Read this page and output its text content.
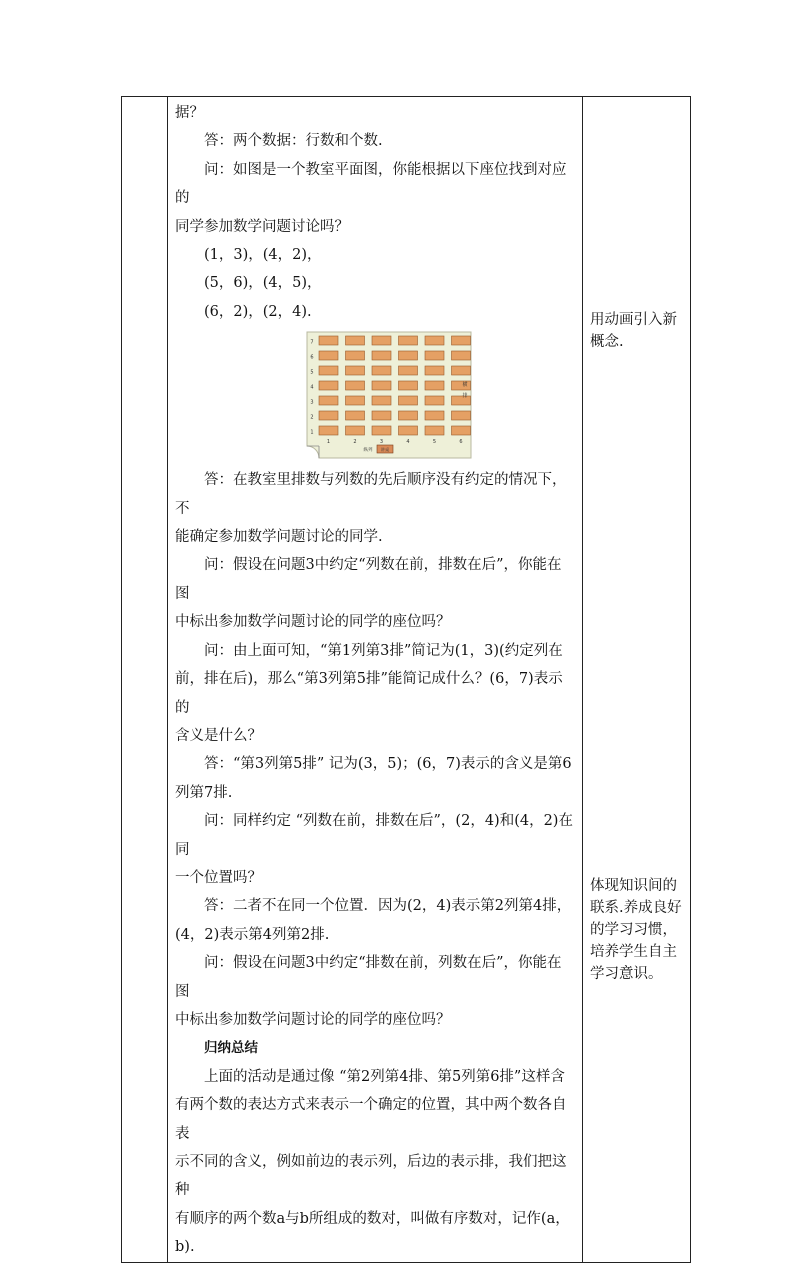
据？

答：两个数据：行数和个数.

问：如图是一个教室平面图，你能根据以下座位找到对应的

同学参加数学问题讨论吗？

(1，3)，(4，2)，

(5，6)，(4，5)，

(6，2)，(2，4).

7
6
5
4
3
2
1
1	2	3	4	5	6
横
排
纵列 讲桌

答：在教室里排数与列数的先后顺序没有约定的情况下，不

能确定参加数学问题讨论的同学.

问：假设在问题3中约定“列数在前，排数在后”，你能在图

中标出参加数学问题讨论的同学的座位吗？

问：由上面可知，“第1列第3排”简记为(1，3)(约定列在

前，排在后)，那么“第3列第5排”能简记成什么？(6，7)表示的

含义是什么？

答：“第3列第5排” 记为(3，5)；(6，7)表示的含义是第6

列第7排.

问：同样约定 “列数在前，排数在后”，(2，4)和(4，2)在同

一个位置吗？

答：二者不在同一个位置．因为(2，4)表示第2列第4排，

(4，2)表示第4列第2排.

问：假设在问题3中约定“排数在前，列数在后”，你能在图

中标出参加数学问题讨论的同学的座位吗？

归纳总结

上面的活动是通过像 “第2列第4排、第5列第6排”这样含

有两个数的表达方式来表示一个确定的位置，其中两个数各自表

示不同的含义，例如前边的表示列，后边的表示排，我们把这种

有顺序的两个数a与b所组成的数对，叫做有序数对，记作(a，

b).

用动画引入新概念.
体现知识间的
联系.养成良好
的学习习惯，
培养学生自主
学习意识。
